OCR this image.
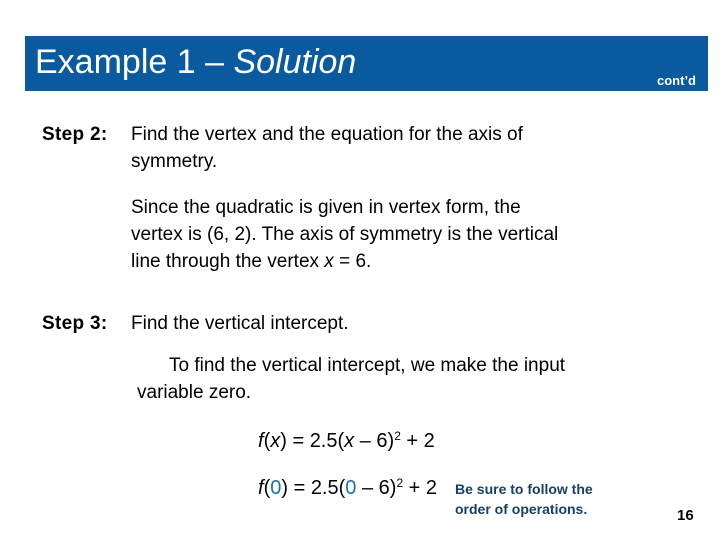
Example 1 – Solution	cont’d
Step 2: Find the vertex and the equation for the axis of
symmetry.
Since the quadratic is given in vertex form, the
vertex is (6, 2). The axis of symmetry is the vertical
line through the vertex x = 6.
Step 3: Find the vertical intercept.
To find the vertical intercept, we make the input
variable zero.
f(x) = 2.5(x – 6)$^2$ + 2
f(0) = 2.5(0 – 6)$^2$ + 2 Be sure to follow the
order of operations.	16
